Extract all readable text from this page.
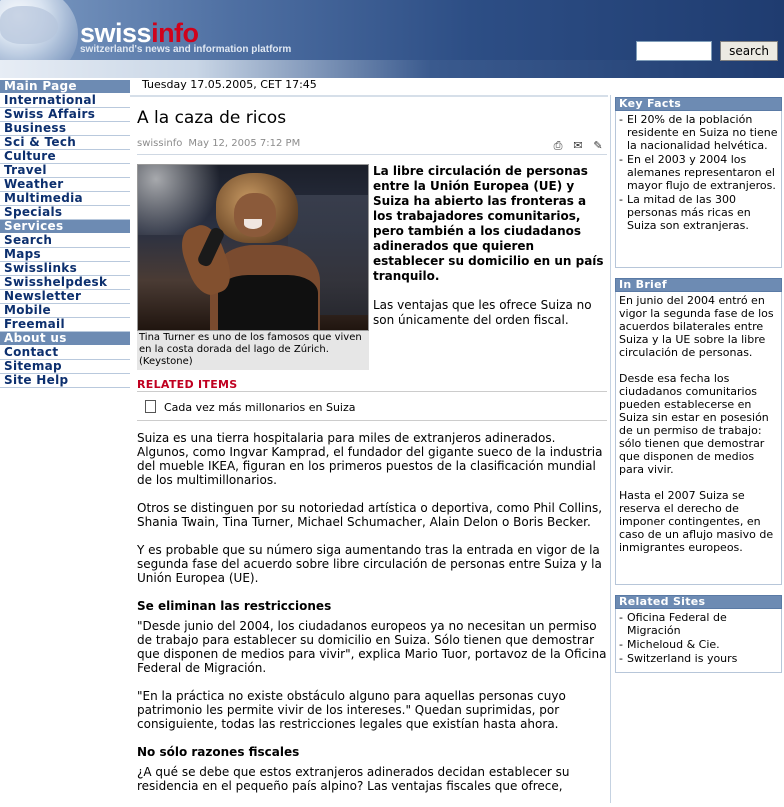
swissinfo
switzerland's news and information platform	search
Main Page
International
Swiss Affairs
Business
Sci & Tech
Culture
Travel
Weather
Multimedia
Specials
Services
Search
Maps
Swisslinks
Swisshelpdesk
Newsletter
Mobile
Freemail
About us
Contact
Sitemap
Site Help
Tuesday 17.05.2005, CET 17:45
A la caza de ricos
swissinfo May 12, 2005 7:12 PM	⎙ ✉ ✎
Tina Turner es uno de los famosos que viven en la costa dorada del lago de Zúrich. (Keystone)

La libre circulación de personas entre la Unión Europea (UE) y Suiza ha abierto las fronteras a los trabajadores comunitarios, pero también a los ciudadanos adinerados que quieren establecer su domicilio en un país tranquilo.

Las ventajas que les ofrece Suiza no son únicamente del orden fiscal.

RELATED ITEMS
Cada vez más millonarios en Suiza

Suiza es una tierra hospitalaria para miles de extranjeros adinerados. Algunos, como Ingvar Kamprad, el fundador del gigante sueco de la industria del mueble IKEA, figuran en los primeros puestos de la clasificación mundial de los multimillonarios.

Otros se distinguen por su notoriedad artística o deportiva, como Phil Collins, Shania Twain, Tina Turner, Michael Schumacher, Alain Delon o Boris Becker.

Y es probable que su número siga aumentando tras la entrada en vigor de la segunda fase del acuerdo sobre libre circulación de personas entre Suiza y la Unión Europea (UE).

Se eliminan las restricciones

"Desde junio del 2004, los ciudadanos europeos ya no necesitan un permiso de trabajo para establecer su domicilio en Suiza. Sólo tienen que demostrar que disponen de medios para vivir", explica Mario Tuor, portavoz de la Oficina Federal de Migración.

"En la práctica no existe obstáculo alguno para aquellas personas cuyo patrimonio les permite vivir de los intereses." Quedan suprimidas, por consiguiente, todas las restricciones legales que existían hasta ahora.

No sólo razones fiscales

¿A qué se debe que estos extranjeros adinerados decidan establecer su residencia en el pequeño país alpino? Las ventajas fiscales que ofrece,

Key Facts
- El 20% de la población residente en Suiza no tiene la nacionalidad helvética.
- En el 2003 y 2004 los alemanes representaron el mayor flujo de extranjeros.
- La mitad de las 300 personas más ricas en Suiza son extranjeras.
In Brief

En junio del 2004 entró en vigor la segunda fase de los acuerdos bilaterales entre Suiza y la UE sobre la libre circulación de personas.

Desde esa fecha los ciudadanos comunitarios pueden establecerse en Suiza sin estar en posesión de un permiso de trabajo: sólo tienen que demostrar que disponen de medios para vivir.

Hasta el 2007 Suiza se reserva el derecho de imponer contingentes, en caso de un aflujo masivo de inmigrantes europeos.

Related Sites
- Oficina Federal de Migración
- Micheloud & Cie.
- Switzerland is yours
